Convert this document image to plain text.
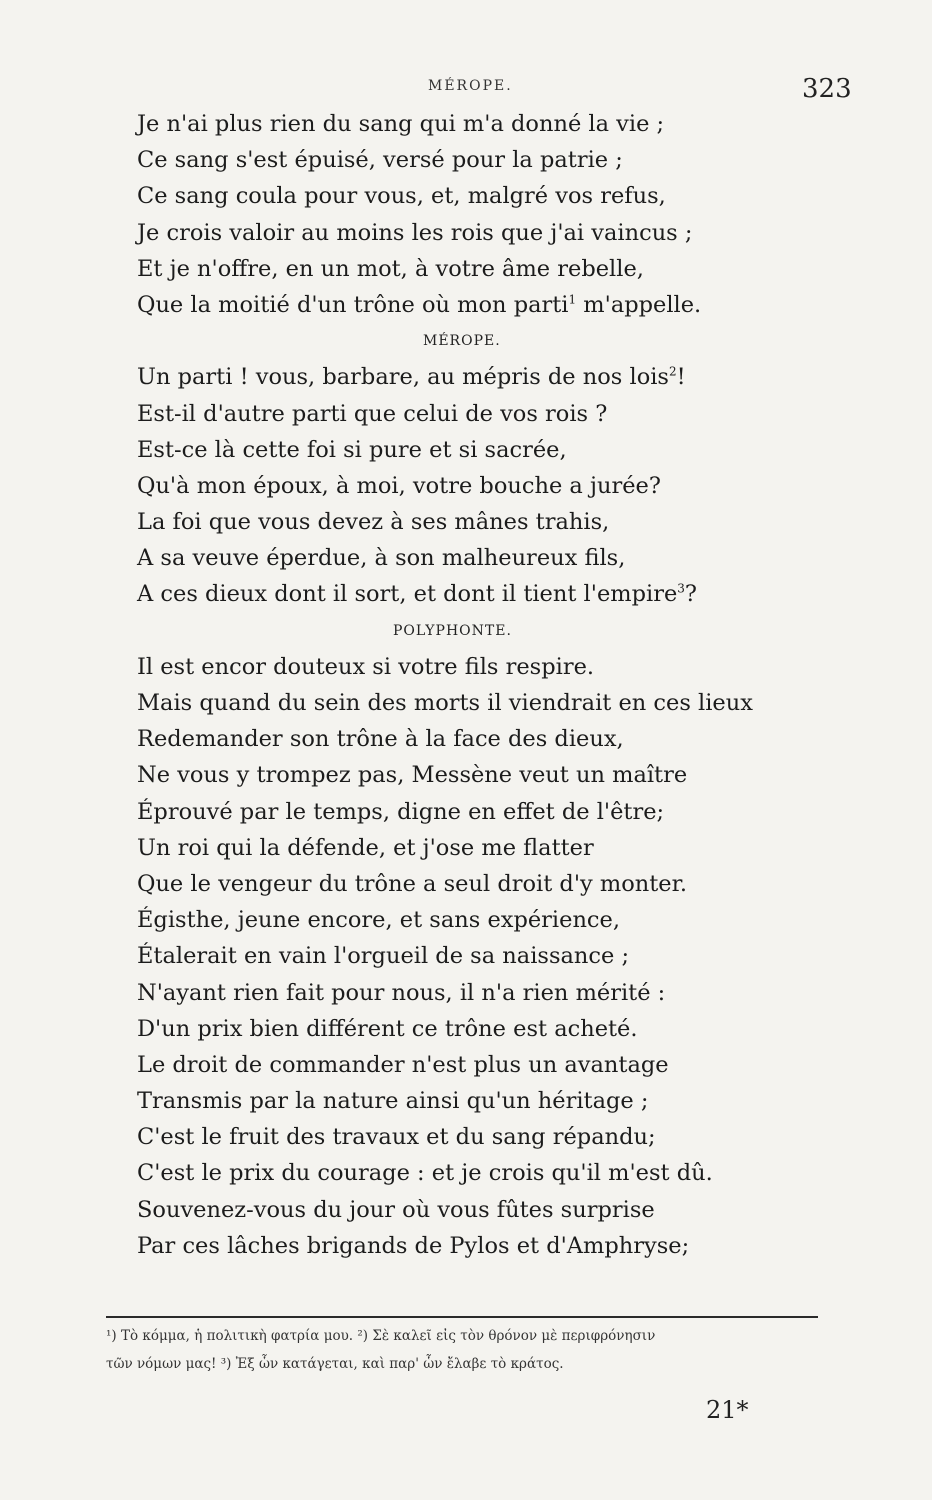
MÉROPE.	323
Je n'ai plus rien du sang qui m'a donné la vie ;
Ce sang s'est épuisé, versé pour la patrie ;
Ce sang coula pour vous, et, malgré vos refus,
Je crois valoir au moins les rois que j'ai vaincus ;
Et je n'offre, en un mot, à votre âme rebelle,
Que la moitié d'un trône où mon parti$^1$ m'appelle.
MÉROPE.
Un parti ! vous, barbare, au mépris de nos lois$^2$!
Est-il d'autre parti que celui de vos rois ?
Est-ce là cette foi si pure et si sacrée,
Qu'à mon époux, à moi, votre bouche a jurée?
La foi que vous devez à ses mânes trahis,
A sa veuve éperdue, à son malheureux fils,
A ces dieux dont il sort, et dont il tient l'empire$^3$?
POLYPHONTE.
Il est encor douteux si votre fils respire.
Mais quand du sein des morts il viendrait en ces lieux
Redemander son trône à la face des dieux,
Ne vous y trompez pas, Messène veut un maître
Éprouvé par le temps, digne en effet de l'être;
Un roi qui la défende, et j'ose me flatter
Que le vengeur du trône a seul droit d'y monter.
Égisthe, jeune encore, et sans expérience,
Étalerait en vain l'orgueil de sa naissance ;
N'ayant rien fait pour nous, il n'a rien mérité :
D'un prix bien différent ce trône est acheté.
Le droit de commander n'est plus un avantage
Transmis par la nature ainsi qu'un héritage ;
C'est le fruit des travaux et du sang répandu;
C'est le prix du courage : et je crois qu'il m'est dû.
Souvenez-vous du jour où vous fûtes surprise
Par ces lâches brigands de Pylos et d'Amphryse;
¹) Τὸ κόμμα, ἡ πολιτικὴ φατρία μου. ²) Σὲ καλεῖ εἰς τὸν θρόνον μὲ περιφρόνησιν
τῶν νόμων μας! ³) Ἐξ ὧν κατάγεται, καὶ παρ' ὧν ἔλαβε τὸ κράτος.
21*
